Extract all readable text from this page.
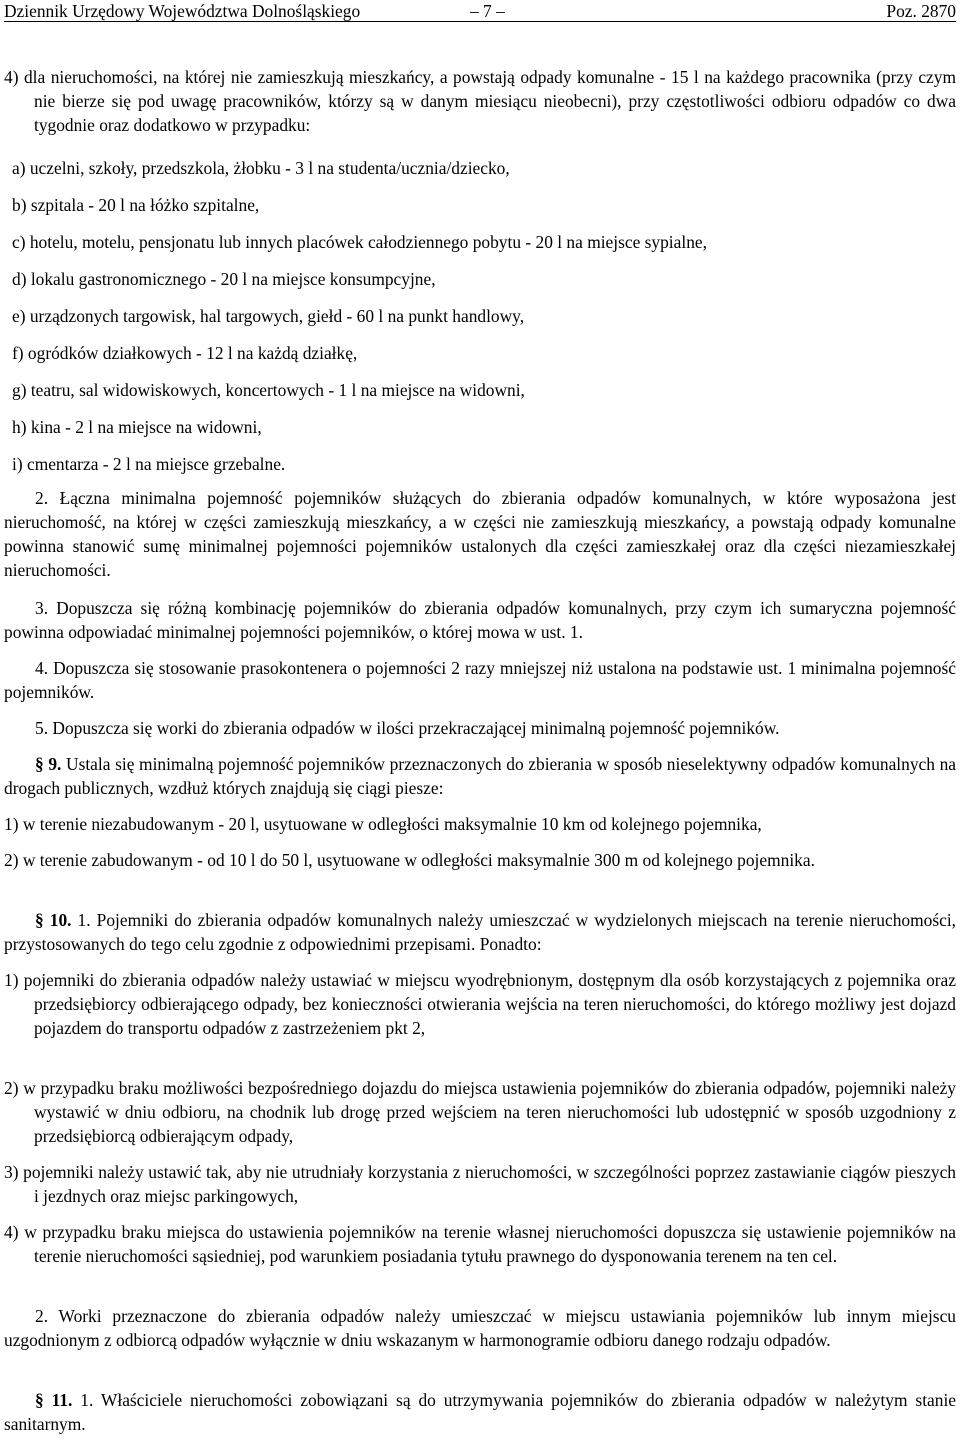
Dziennik Urzędowy Województwa Dolnośląskiego	– 7 –	Poz. 2870

4) dla nieruchomości, na której nie zamieszkują mieszkańcy, a powstają odpady komunalne - 15 l na każdego pracownika (przy czym nie bierze się pod uwagę pracowników, którzy są w danym miesiącu nieobecni), przy częstotliwości odbioru odpadów co dwa tygodnie oraz dodatkowo w przypadku:

a) uczelni, szkoły, przedszkola, żłobku - 3 l na studenta/ucznia/dziecko,

b) szpitala - 20 l na łóżko szpitalne,

c) hotelu, motelu, pensjonatu lub innych placówek całodziennego pobytu - 20 l na miejsce sypialne,

d) lokalu gastronomicznego - 20 l na miejsce konsumpcyjne,

e) urządzonych targowisk, hal targowych, giełd - 60 l na punkt handlowy,

f) ogródków działkowych - 12 l na każdą działkę,

g) teatru, sal widowiskowych, koncertowych - 1 l na miejsce na widowni,

h) kina - 2 l na miejsce na widowni,

i) cmentarza - 2 l na miejsce grzebalne.

2. Łączna minimalna pojemność pojemników służących do zbierania odpadów komunalnych, w które wyposażona jest nieruchomość, na której w części zamieszkują mieszkańcy, a w części nie zamieszkują mieszkańcy, a powstają odpady komunalne powinna stanowić sumę minimalnej pojemności pojemników ustalonych dla części zamieszkałej oraz dla części niezamieszkałej nieruchomości.

3. Dopuszcza się różną kombinację pojemników do zbierania odpadów komunalnych, przy czym ich sumaryczna pojemność powinna odpowiadać minimalnej pojemności pojemników, o której mowa w ust. 1.

4. Dopuszcza się stosowanie prasokontenera o pojemności 2 razy mniejszej niż ustalona na podstawie ust. 1 minimalna pojemność pojemników.

5. Dopuszcza się worki do zbierania odpadów w ilości przekraczającej minimalną pojemność pojemników.

§ 9. Ustala się minimalną pojemność pojemników przeznaczonych do zbierania w sposób nieselektywny odpadów komunalnych na drogach publicznych, wzdłuż których znajdują się ciągi piesze:

1) w terenie niezabudowanym - 20 l, usytuowane w odległości maksymalnie 10 km od kolejnego pojemnika,

2) w terenie zabudowanym - od 10 l do 50 l, usytuowane w odległości maksymalnie 300 m od kolejnego pojemnika.

§ 10. 1. Pojemniki do zbierania odpadów komunalnych należy umieszczać w wydzielonych miejscach na terenie nieruchomości, przystosowanych do tego celu zgodnie z odpowiednimi przepisami. Ponadto:

1) pojemniki do zbierania odpadów należy ustawiać w miejscu wyodrębnionym, dostępnym dla osób korzystających z pojemnika oraz przedsiębiorcy odbierającego odpady, bez konieczności otwierania wejścia na teren nieruchomości, do którego możliwy jest dojazd pojazdem do transportu odpadów z zastrzeżeniem pkt 2,

2) w przypadku braku możliwości bezpośredniego dojazdu do miejsca ustawienia pojemników do zbierania odpadów, pojemniki należy wystawić w dniu odbioru, na chodnik lub drogę przed wejściem na teren nieruchomości lub udostępnić w sposób uzgodniony z przedsiębiorcą odbierającym odpady,

3) pojemniki należy ustawić tak, aby nie utrudniały korzystania z nieruchomości, w szczególności poprzez zastawianie ciągów pieszych i jezdnych oraz miejsc parkingowych,

4) w przypadku braku miejsca do ustawienia pojemników na terenie własnej nieruchomości dopuszcza się ustawienie pojemników na terenie nieruchomości sąsiedniej, pod warunkiem posiadania tytułu prawnego do dysponowania terenem na ten cel.

2. Worki przeznaczone do zbierania odpadów należy umieszczać w miejscu ustawiania pojemników lub innym miejscu uzgodnionym z odbiorcą odpadów wyłącznie w dniu wskazanym w harmonogramie odbioru danego rodzaju odpadów.

§ 11. 1. Właściciele nieruchomości zobowiązani są do utrzymywania pojemników do zbierania odpadów w należytym stanie sanitarnym.
